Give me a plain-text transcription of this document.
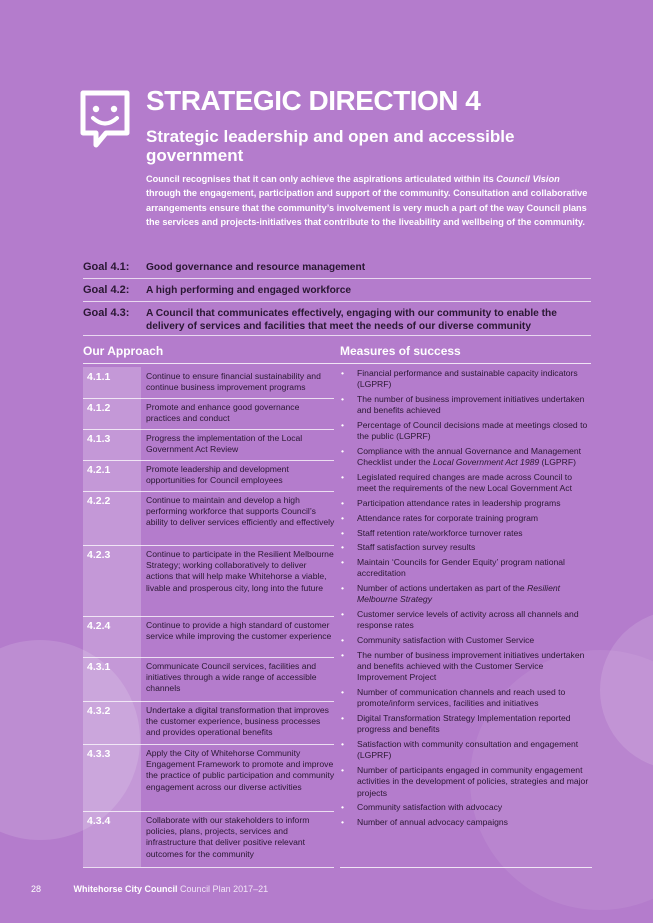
STRATEGIC DIRECTION 4
Strategic leadership and open and accessible government

Council recognises that it can only achieve the aspirations articulated within its Council Vision through the engagement, participation and support of the community. Consultation and collaborative arrangements ensure that the community’s involvement is very much a part of the way Council plans the services and projects-initiatives that contribute to the liveability and wellbeing of the community.

Goal 4.1:	Good governance and resource management
Goal 4.2:	A high performing and engaged workforce
Goal 4.3:	A Council that communicates effectively, engaging with our community to enable the delivery of services and facilities that meet the needs of our diverse community
Our Approach	Measures of success
4.1.1	Continue to ensure financial sustainability and continue business improvement programs
4.1.2	Promote and enhance good governance practices and conduct
4.1.3	Progress the implementation of the Local Government Act Review
4.2.1	Promote leadership and development opportunities for Council employees
4.2.2	Continue to maintain and develop a high performing workforce that supports Council’s ability to deliver services efficiently and effectively
4.2.3	Continue to participate in the Resilient Melbourne Strategy; working collaboratively to deliver actions that will help make Whitehorse a viable, livable and prosperous city, long into the future
4.2.4	Continue to provide a high standard of customer service while improving the customer experience
4.3.1	Communicate Council services, facilities and initiatives through a wide range of accessible channels
4.3.2	Undertake a digital transformation that improves the customer experience, business processes and provides operational benefits
4.3.3	Apply the City of Whitehorse Community Engagement Framework to promote and improve the practice of public participation and community engagement across our diverse activities
4.3.4	Collaborate with our stakeholders to inform policies, plans, projects, services and infrastructure that deliver positive relevant outcomes for the community
• Financial performance and sustainable capacity indicators (LGPRF)
• The number of business improvement initiatives undertaken and benefits achieved
• Percentage of Council decisions made at meetings closed to the public (LGPRF)
• Compliance with the annual Governance and Management Checklist under the Local Government Act 1989 (LGPRF)
• Legislated required changes are made across Council to meet the requirements of the new Local Government Act
• Participation attendance rates in leadership programs
• Attendance rates for corporate training program
• Staff retention rate/workforce turnover rates
• Staff satisfaction survey results
• Maintain ‘Councils for Gender Equity’ program national accreditation
• Number of actions undertaken as part of the Resilient Melbourne Strategy
• Customer service levels of activity across all channels and response rates
• Community satisfaction with Customer Service
• The number of business improvement initiatives undertaken and benefits achieved with the Customer Service Improvement Project
• Number of communication channels and reach used to promote/inform services, facilities and initiatives
• Digital Transformation Strategy Implementation reported progress and benefits
• Satisfaction with community consultation and engagement (LGPRF)
• Number of participants engaged in community engagement activities in the development of policies, strategies and major projects
• Community satisfaction with advocacy
• Number of annual advocacy campaigns
28	Whitehorse City Council Council Plan 2017–21
